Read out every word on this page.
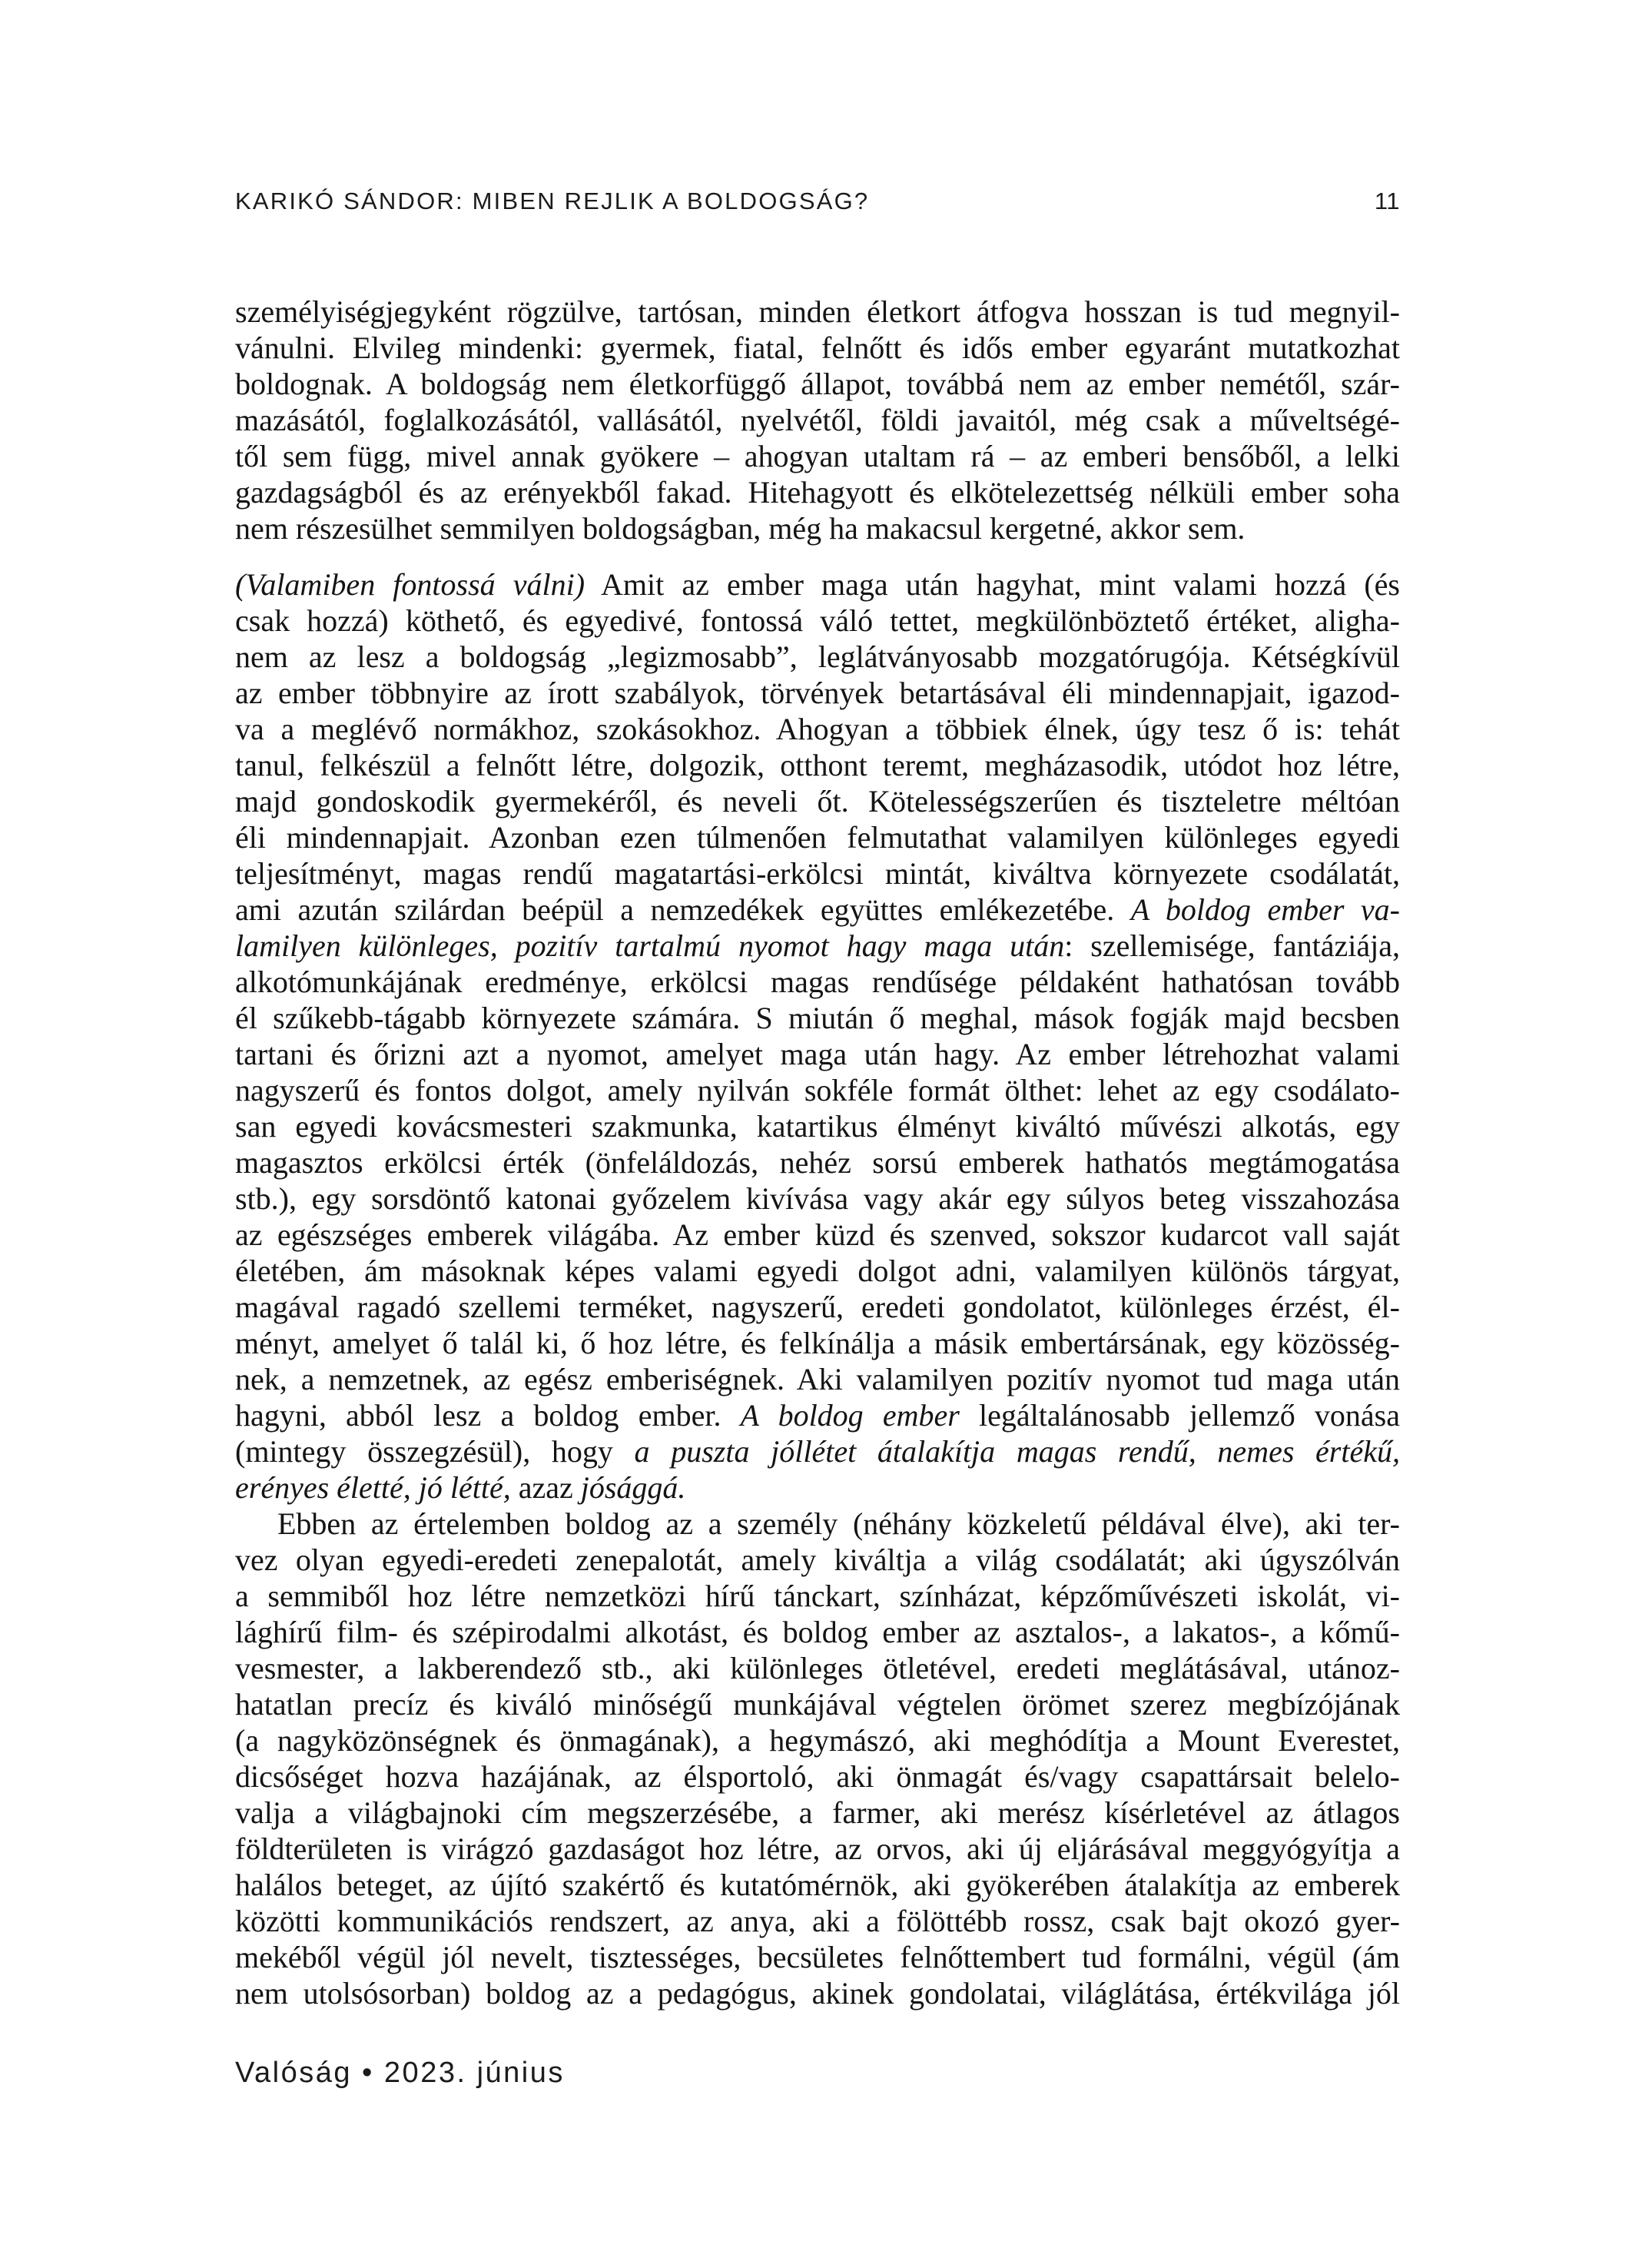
KARIKÓ SÁNDOR: MIBEN REJLIK A BOLDOGSÁG?	11
személyiségjegyként rögzülve, tartósan, minden életkort átfogva hosszan is tud megnyil-
vánulni. Elvileg mindenki: gyermek, fiatal, felnőtt és idős ember egyaránt mutatkozhat
boldognak. A boldogság nem életkorfüggő állapot, továbbá nem az ember nemétől, szár-
mazásától, foglalkozásától, vallásától, nyelvétől, földi javaitól, még csak a műveltségé-
től sem függ, mivel annak gyökere – ahogyan utaltam rá – az emberi bensőből, a lelki
gazdagságból és az erényekből fakad. Hitehagyott és elkötelezettség nélküli ember soha
nem részesülhet semmilyen boldogságban, még ha makacsul kergetné, akkor sem.
(Valamiben fontossá válni) Amit az ember maga után hagyhat, mint valami hozzá (és
csak hozzá) köthető, és egyedivé, fontossá váló tettet, megkülönböztető értéket, aligha-
nem az lesz a boldogság „legizmosabb”, leglátványosabb mozgatórugója. Kétségkívül
az ember többnyire az írott szabályok, törvények betartásával éli mindennapjait, igazod-
va a meglévő normákhoz, szokásokhoz. Ahogyan a többiek élnek, úgy tesz ő is: tehát
tanul, felkészül a felnőtt létre, dolgozik, otthont teremt, megházasodik, utódot hoz létre,
majd gondoskodik gyermekéről, és neveli őt. Kötelességszerűen és tiszteletre méltóan
éli mindennapjait. Azonban ezen túlmenően felmutathat valamilyen különleges egyedi
teljesítményt, magas rendű magatartási-erkölcsi mintát, kiváltva környezete csodálatát,
ami azután szilárdan beépül a nemzedékek együttes emlékezetébe. A boldog ember va-
lamilyen különleges, pozitív tartalmú nyomot hagy maga után: szellemisége, fantáziája,
alkotómunkájának eredménye, erkölcsi magas rendűsége példaként hathatósan tovább
él szűkebb-tágabb környezete számára. S miután ő meghal, mások fogják majd becsben
tartani és őrizni azt a nyomot, amelyet maga után hagy. Az ember létrehozhat valami
nagyszerű és fontos dolgot, amely nyilván sokféle formát ölthet: lehet az egy csodálato-
san egyedi kovácsmesteri szakmunka, katartikus élményt kiváltó művészi alkotás, egy
magasztos erkölcsi érték (önfeláldozás, nehéz sorsú emberek hathatós megtámogatása
stb.), egy sorsdöntő katonai győzelem kivívása vagy akár egy súlyos beteg visszahozása
az egészséges emberek világába. Az ember küzd és szenved, sokszor kudarcot vall saját
életében, ám másoknak képes valami egyedi dolgot adni, valamilyen különös tárgyat,
magával ragadó szellemi terméket, nagyszerű, eredeti gondolatot, különleges érzést, él-
ményt, amelyet ő talál ki, ő hoz létre, és felkínálja a másik embertársának, egy közösség-
nek, a nemzetnek, az egész emberiségnek. Aki valamilyen pozitív nyomot tud maga után
hagyni, abból lesz a boldog ember. A boldog ember legáltalánosabb jellemző vonása
(mintegy összegzésül), hogy a puszta jóllétet átalakítja magas rendű, nemes értékű,
erényes életté, jó létté, azaz jósággá.
Ebben az értelemben boldog az a személy (néhány közkeletű példával élve), aki ter-
vez olyan egyedi-eredeti zenepalotát, amely kiváltja a világ csodálatát; aki úgyszólván
a semmiből hoz létre nemzetközi hírű tánckart, színházat, képzőművészeti iskolát, vi-
lághírű film- és szépirodalmi alkotást, és boldog ember az asztalos-, a lakatos-, a kőmű-
vesmester, a lakberendező stb., aki különleges ötletével, eredeti meglátásával, utánoz-
hatatlan precíz és kiváló minőségű munkájával végtelen örömet szerez megbízójának
(a nagyközönségnek és önmagának), a hegymászó, aki meghódítja a Mount Everestet,
dicsőséget hozva hazájának, az élsportoló, aki önmagát és/vagy csapattársait belelo-
valja a világbajnoki cím megszerzésébe, a farmer, aki merész kísérletével az átlagos
földterületen is virágzó gazdaságot hoz létre, az orvos, aki új eljárásával meggyógyítja a
halálos beteget, az újító szakértő és kutatómérnök, aki gyökerében átalakítja az emberek
közötti kommunikációs rendszert, az anya, aki a fölöttébb rossz, csak bajt okozó gyer-
mekéből végül jól nevelt, tisztességes, becsületes felnőttembert tud formálni, végül (ám
nem utolsósorban) boldog az a pedagógus, akinek gondolatai, világlátása, értékvilága jól
Valóság • 2023. június
